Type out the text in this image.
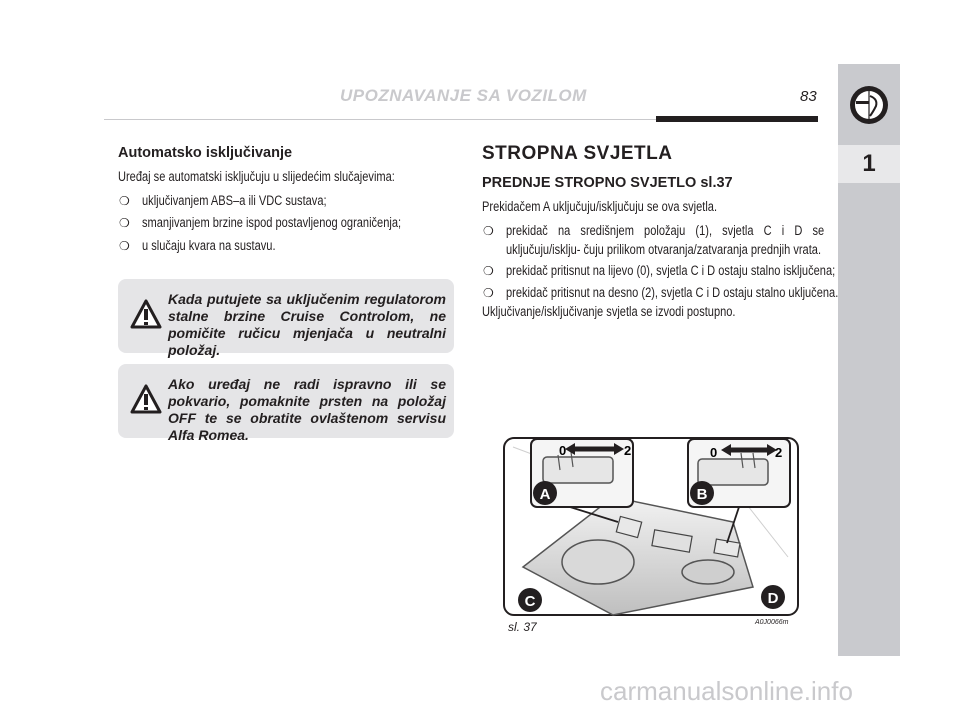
UPOZNAVANJE SA VOZILOM	83
1
Automatsko isključivanje
Uređaj se automatski isključuju u slijedećim slučajevima:
❍ uključivanjem ABS–a ili VDC sustava;
❍ smanjivanjem brzine ispod postavljenog ograničenja;
❍ u slučaju kvara na sustavu.
Kada putujete sa uključenim regulatorom stalne brzine Cruise Controlom, ne pomičite ručicu mjenjača u neutralni položaj.
Ako uređaj ne radi ispravno ili se pokvario, pomaknite prsten na položaj OFF te se obratite ovlaštenom servisu Alfa Romea.
STROPNA SVJETLA
PREDNJE STROPNO SVJETLO sl.37
Prekidačem A uključuju/isključuju se ova svjetla.
❍ prekidač na središnjem položaju (1), svjetla C i D se uključuju/isklju- čuju prilikom otvaranja/zatvaranja prednjih vrata.
❍ prekidač pritisnut na lijevo (0), svjetla C i D ostaju stalno isključena;
❍ prekidač pritisnut na desno (2), svjetla C i D ostaju stalno uključena.
Uključivanje/isključivanje svjetla se izvodi postupno.
0	2	0	2
A	B
C	D
sl. 37	A0J0066m
carmanualsonline.info
